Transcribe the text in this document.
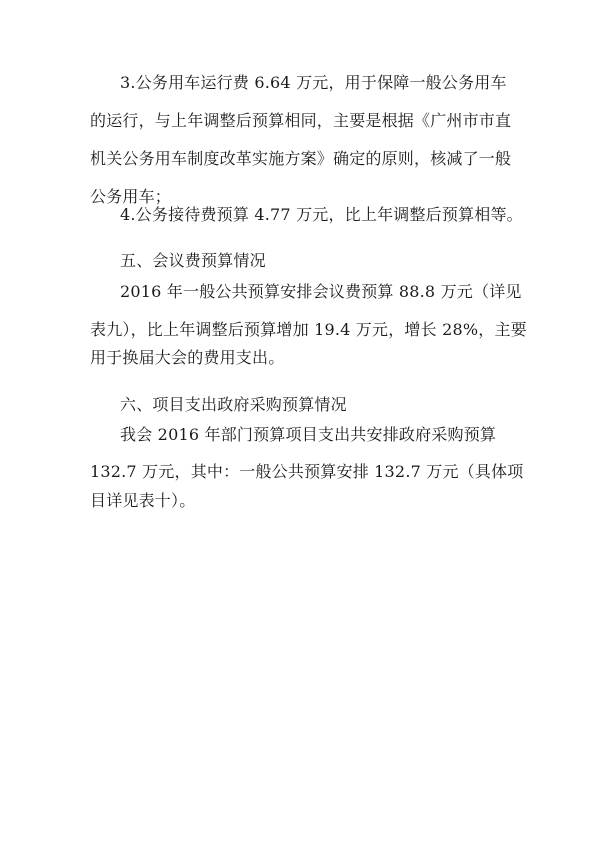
3.公务用车运行费 6.64 万元，用于保障一般公务用车
的运行，与上年调整后预算相同，主要是根据《广州市市直
机关公务用车制度改革实施方案》确定的原则，核减了一般
公务用车；
4.公务接待费预算 4.77 万元，比上年调整后预算相等。
五、会议费预算情况
2016 年一般公共预算安排会议费预算 88.8 万元（详见
表九），比上年调整后预算增加 19.4 万元，增长 28%，主要
用于换届大会的费用支出。
六、项目支出政府采购预算情况
我会 2016 年部门预算项目支出共安排政府采购预算
132.7 万元，其中：一般公共预算安排 132.7 万元（具体项
目详见表十）。
